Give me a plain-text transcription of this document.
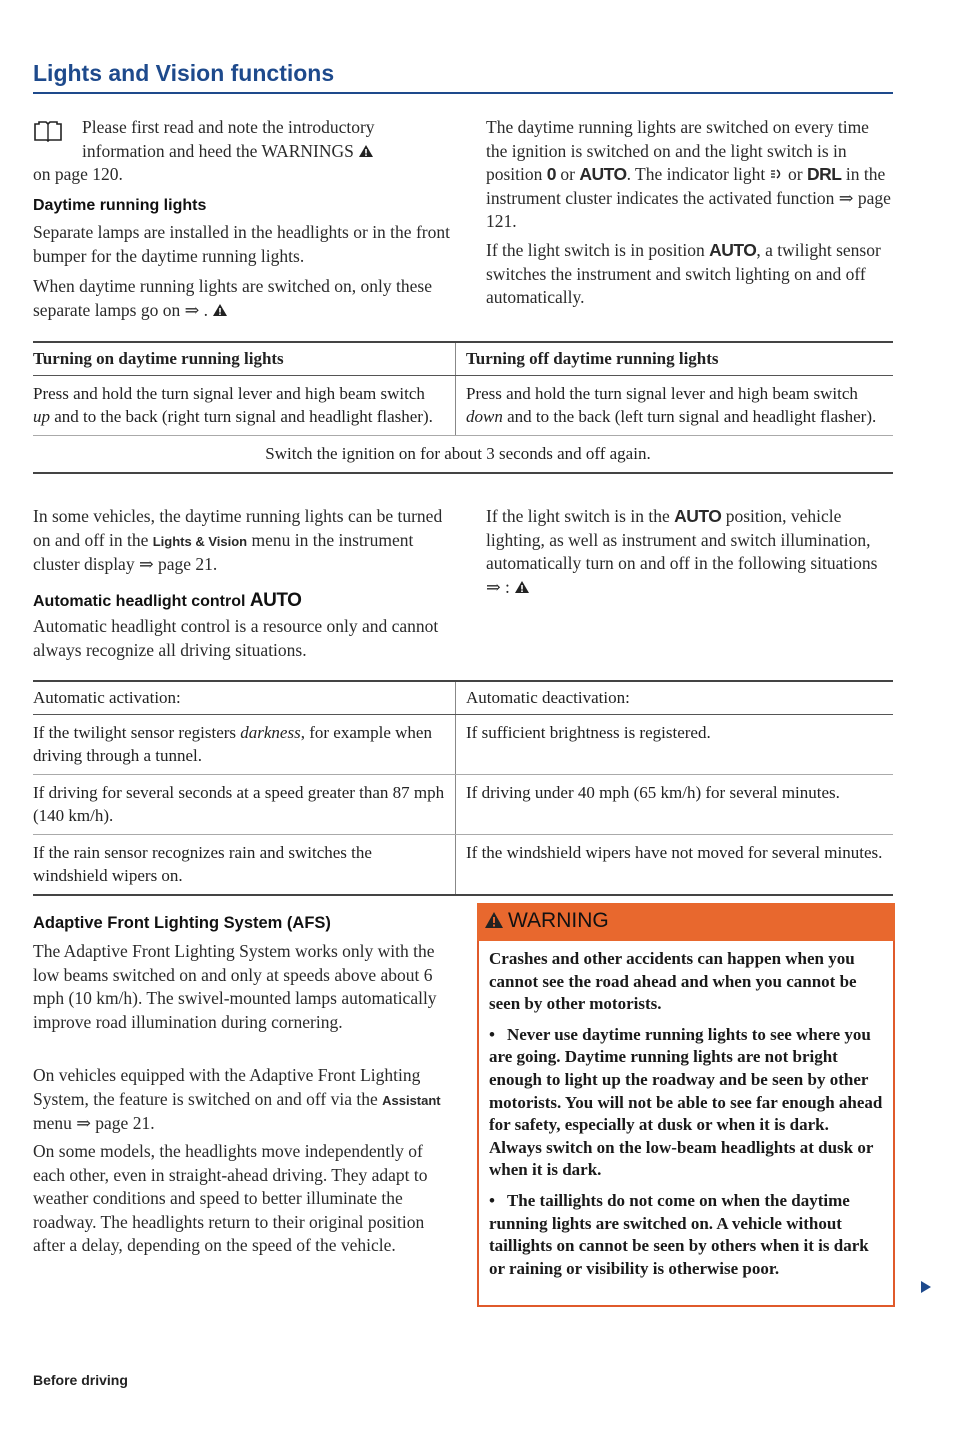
Lights and Vision functions

Please first read and note the introductory

information and heed the WARNINGS

on page 120.
Daytime running lights
Separate lamps are installed in the headlights or in the front bumper for the daytime running lights.
When daytime running lights are switched on, only these separate lamps go on ⇒ .
The daytime running lights are switched on every time the ignition is switched on and the light switch is in position 0 or AUTO. The indicator light or DRL in the instrument cluster indicates the activated function ⇒ page 121.
If the light switch is in position AUTO, a twilight sensor switches the instrument and switch lighting on and off automatically.
Turning on daytime running lights	Turning off daytime running lights
Press and hold the turn signal lever and high beam switch up and to the back (right turn signal and headlight flasher).	Press and hold the turn signal lever and high beam switch down and to the back (left turn signal and headlight flasher).
Switch the ignition on for about 3 seconds and off again.	
In some vehicles, the daytime running lights can be turned on and off in the Lights & Vision menu in the instrument cluster display ⇒ page 21.
Automatic headlight control AUTO
Automatic headlight control is a resource only and cannot always recognize all driving situations.
If the light switch is in the AUTO position, vehicle lighting, as well as instrument and switch illumination, automatically turn on and off in the following situations ⇒ :
Automatic activation:	Automatic deactivation:
If the twilight sensor registers darkness, for example when driving through a tunnel.	If sufficient brightness is registered.
If driving for several seconds at a speed greater than 87 mph (140 km/h).	If driving under 40 mph (65 km/h) for several minutes.
If the rain sensor recognizes rain and switches the windshield wipers on.	If the windshield wipers have not moved for several minutes.
Adaptive Front Lighting System (AFS)
The Adaptive Front Lighting System works only with the low beams switched on and only at speeds above about 6 mph (10 km/h). The swivel-mounted lamps automatically improve road illumination during cornering.
On vehicles equipped with the Adaptive Front Lighting System, the feature is switched on and off via the Assistant menu ⇒ page 21.
On some models, the headlights move independently of each other, even in straight-ahead driving. They adapt to weather conditions and speed to better illuminate the roadway. The headlights return to their original position after a delay, depending on the speed of the vehicle.
WARNING

Crashes and other accidents can happen when you cannot see the road ahead and when you cannot be seen by other motorists.

• Never use daytime running lights to see where you are going. Daytime running lights are not bright enough to light up the roadway and be seen by other motorists. You will not be able to see far enough ahead for safety, especially at dusk or when it is dark. Always switch on the low-beam headlights at dusk or when it is dark.

• The taillights do not come on when the daytime running lights are switched on. A vehicle without taillights on cannot be seen by others when it is dark or raining or visibility is otherwise poor.

Before driving
